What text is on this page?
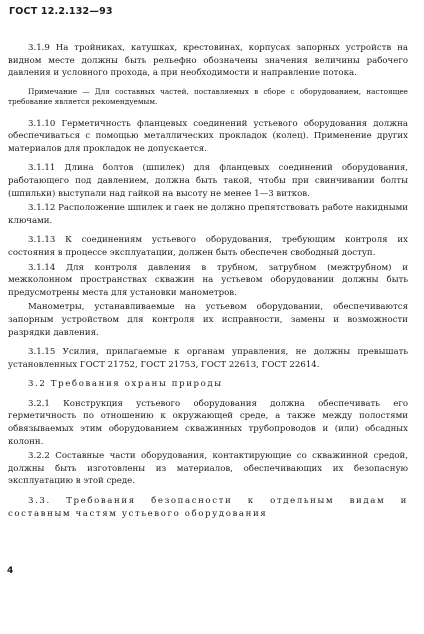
ГОСТ 12.2.132—93

3.1.9 На тройниках, катушках, крестовинах, корпусах запорных устройств на видном месте должны быть рельефно обозначены значения величины рабочего давления и условного прохода, а при необходимости и направление потока.

Примечание — Для составных частей, поставляемых в сборе с оборудованием, настоящее требование является рекомендуемым.

3.1.10 Герметичность фланцевых соединений устьевого оборудования должна обеспечиваться с помощью металлических прокладок (колец). Применение других материалов для прокладок не допускается.

3.1.11 Длина болтов (шпилек) для фланцевых соединений оборудования, работающего под давлением, должна быть такой, чтобы при свинчивании болты (шпильки) выступали над гайкой на высоту не менее 1—3 витков.

3.1.12 Расположение шпилек и гаек не должно препятствовать работе накидными ключами.

3.1.13 К соединениям устьевого оборудования, требующим контроля их состояния в процессе эксплуатации, должен быть обеспечен свободный доступ.

3.1.14 Для контроля давления в трубном, затрубном (межтрубном) и межколонном пространствах скважин на устьевом оборудовании должны быть предусмотрены места для установки манометров.

Манометры, устанавливаемые на устьевом оборудовании, обеспечиваются запорным устройством для контроля их исправности, замены и возможности разрядки давления.

3.1.15 Усилия, прилагаемые к органам управления, не должны превышать установленных ГОСТ 21752, ГОСТ 21753, ГОСТ 22613, ГОСТ 22614.

3.2 Требования охраны природы

3.2.1 Конструкция устьевого оборудования должна обеспечивать его герметичность по отношению к окружающей среде, а также между полостями обвязываемых этим оборудованием скважинных трубопроводов и (или) обсадных колонн.

3.2.2 Составные части оборудования, контактирующие со скважинной средой, должны быть изготовлены из материалов, обеспечивающих их безопасную эксплуатацию в этой среде.

3.3. Требования безопасности к отдельным видам и составным частям устьевого оборудования

4
